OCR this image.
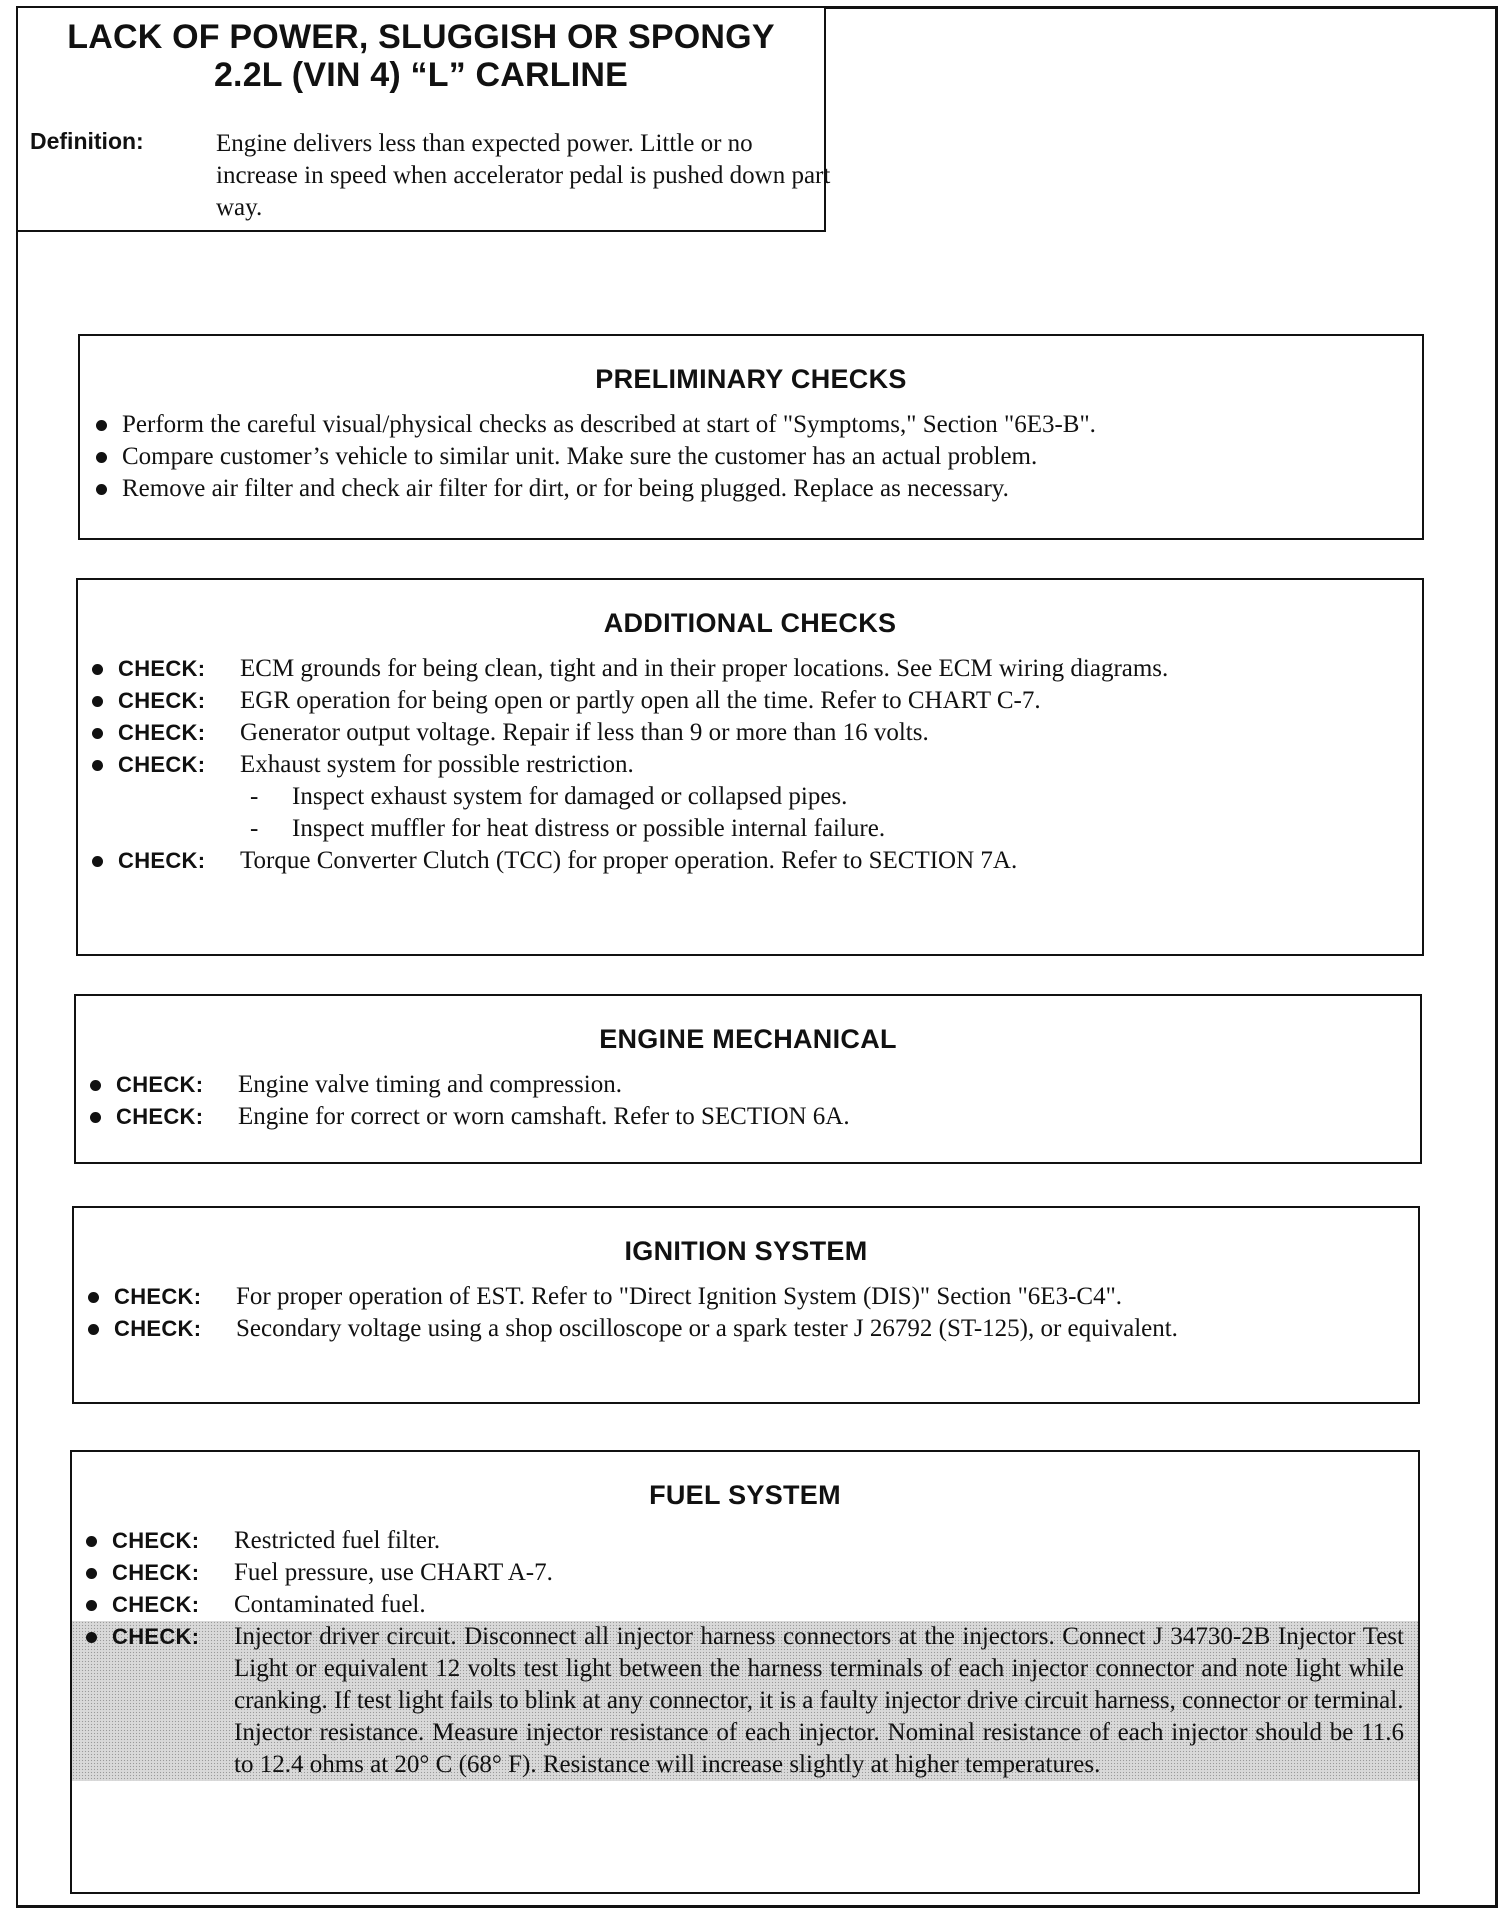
LACK OF POWER, SLUGGISH OR SPONGY
2.2L (VIN 4) “L” CARLINE
Definition:	Engine delivers less than expected power. Little or no increase in speed when accelerator pedal is pushed down part way.
PRELIMINARY CHECKS
Perform the careful visual/physical checks as described at start of "Symptoms," Section "6E3-B".
Compare customer’s vehicle to similar unit. Make sure the customer has an actual problem.
Remove air filter and check air filter for dirt, or for being plugged. Replace as necessary.
ADDITIONAL CHECKS
CHECK:	ECM grounds for being clean, tight and in their proper locations. See ECM wiring diagrams.
CHECK:	EGR operation for being open or partly open all the time. Refer to CHART C-7.
CHECK:	Generator output voltage. Repair if less than 9 or more than 16 volts.
CHECK:	Exhaust system for possible restriction.
- Inspect exhaust system for damaged or collapsed pipes.
- Inspect muffler for heat distress or possible internal failure.
CHECK:	Torque Converter Clutch (TCC) for proper operation. Refer to SECTION 7A.
ENGINE MECHANICAL
CHECK:	Engine valve timing and compression.
CHECK:	Engine for correct or worn camshaft. Refer to SECTION 6A.
IGNITION SYSTEM
CHECK:	For proper operation of EST. Refer to "Direct Ignition System (DIS)" Section "6E3-C4".
CHECK:	Secondary voltage using a shop oscilloscope or a spark tester J 26792 (ST-125), or equivalent.
FUEL SYSTEM
CHECK:	Restricted fuel filter.
CHECK:	Fuel pressure, use CHART A-7.
CHECK:	Contaminated fuel.
CHECK:	Injector driver circuit. Disconnect all injector harness connectors at the injectors. Connect J 34730-2B Injector Test Light or equivalent 12 volts test light between the harness terminals of each injector connector and note light while cranking. If test light fails to blink at any connector, it is a faulty injector drive circuit harness, connector or terminal.
Injector resistance. Measure injector resistance of each injector. Nominal resistance of each injector should be 11.6 to 12.4 ohms at 20° C (68° F). Resistance will increase slightly at higher temperatures.
